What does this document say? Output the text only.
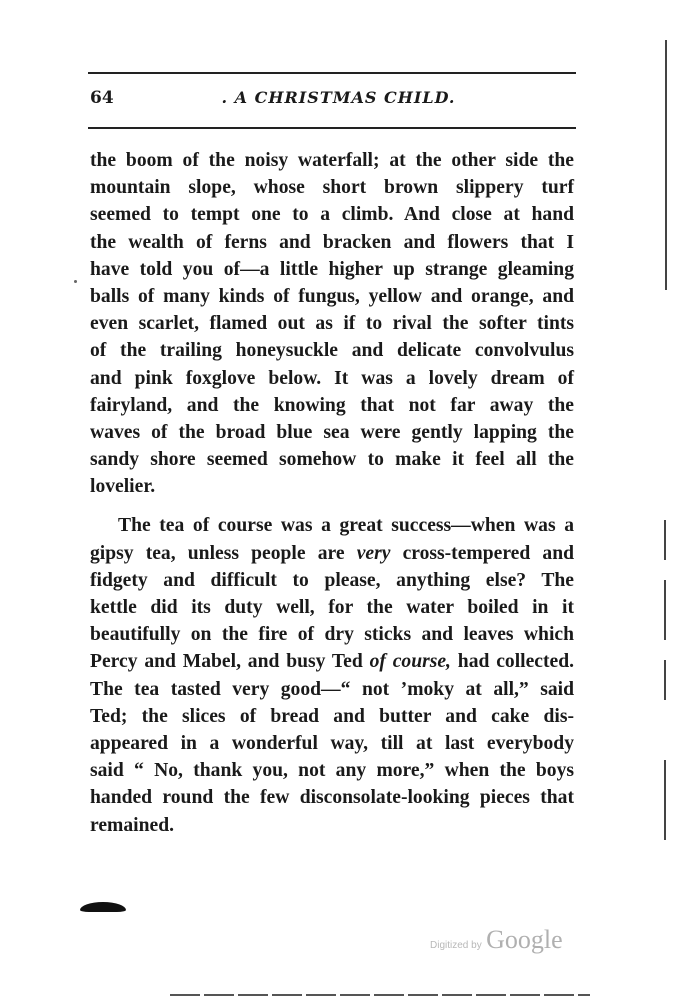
64	. A CHRISTMAS CHILD.
the boom of the noisy waterfall; at the other side the
mountain slope, whose short brown slippery turf
seemed to tempt one to a climb. And close at hand
the wealth of ferns and bracken and flowers that I
have told you of—a little higher up strange gleaming
balls of many kinds of fungus, yellow and orange, and
even scarlet, flamed out as if to rival the softer tints
of the trailing honeysuckle and delicate convolvulus
and pink foxglove below. It was a lovely dream of
fairyland, and the knowing that not far away the
waves of the broad blue sea were gently lapping the
sandy shore seemed somehow to make it feel all the
lovelier.
The tea of course was a great success—when was a
gipsy tea, unless people are very cross-tempered and
fidgety and difficult to please, anything else? The
kettle did its duty well, for the water boiled in it
beautifully on the fire of dry sticks and leaves which
Percy and Mabel, and busy Ted of course, had collected.
The tea tasted very good—“ not ’moky at all,” said
Ted; the slices of bread and butter and cake dis-
appeared in a wonderful way, till at last everybody
said “ No, thank you, not any more,” when the boys
handed round the few disconsolate-looking pieces that
remained.
Digitized by Google
